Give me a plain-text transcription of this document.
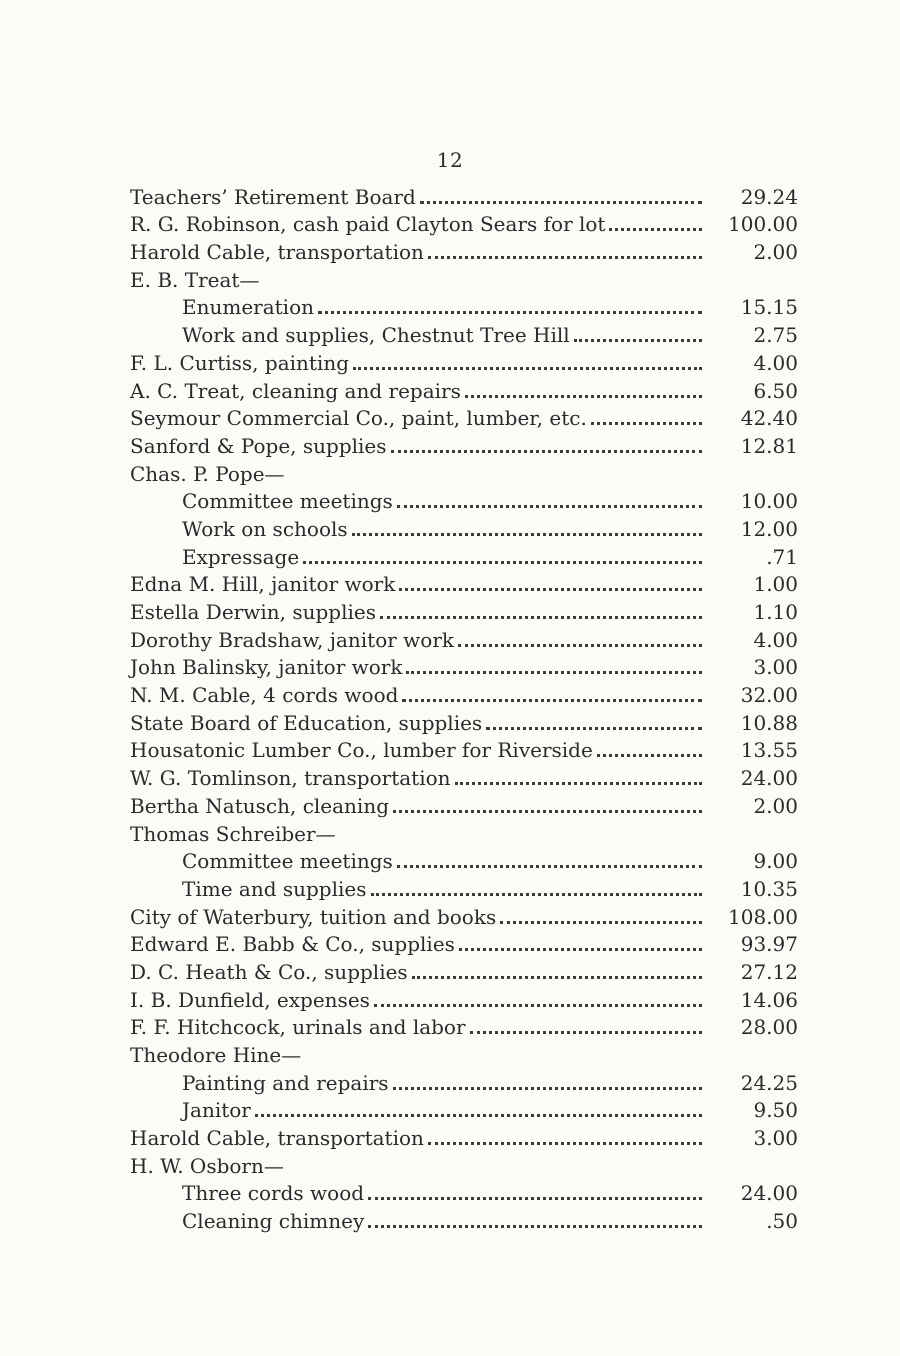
12
Teachers’ Retirement Board	29.24
R. G. Robinson, cash paid Clayton Sears for lot	100.00
Harold Cable, transportation	2.00
E. B. Treat—
Enumeration	15.15
Work and supplies, Chestnut Tree Hill	2.75
F. L. Curtiss, painting	4.00
A. C. Treat, cleaning and repairs	6.50
Seymour Commercial Co., paint, lumber, etc.	42.40
Sanford & Pope, supplies	12.81
Chas. P. Pope—
Committee meetings	10.00
Work on schools	12.00
Expressage	.71
Edna M. Hill, janitor work	1.00
Estella Derwin, supplies	1.10
Dorothy Bradshaw, janitor work	4.00
John Balinsky, janitor work	3.00
N. M. Cable, 4 cords wood	32.00
State Board of Education, supplies	10.88
Housatonic Lumber Co., lumber for Riverside	13.55
W. G. Tomlinson, transportation	24.00
Bertha Natusch, cleaning	2.00
Thomas Schreiber—
Committee meetings	9.00
Time and supplies	10.35
City of Waterbury, tuition and books	108.00
Edward E. Babb & Co., supplies	93.97
D. C. Heath & Co., supplies	27.12
I. B. Dunfield, expenses	14.06
F. F. Hitchcock, urinals and labor	28.00
Theodore Hine—
Painting and repairs	24.25
Janitor	9.50
Harold Cable, transportation	3.00
H. W. Osborn—
Three cords wood	24.00
Cleaning chimney	.50
